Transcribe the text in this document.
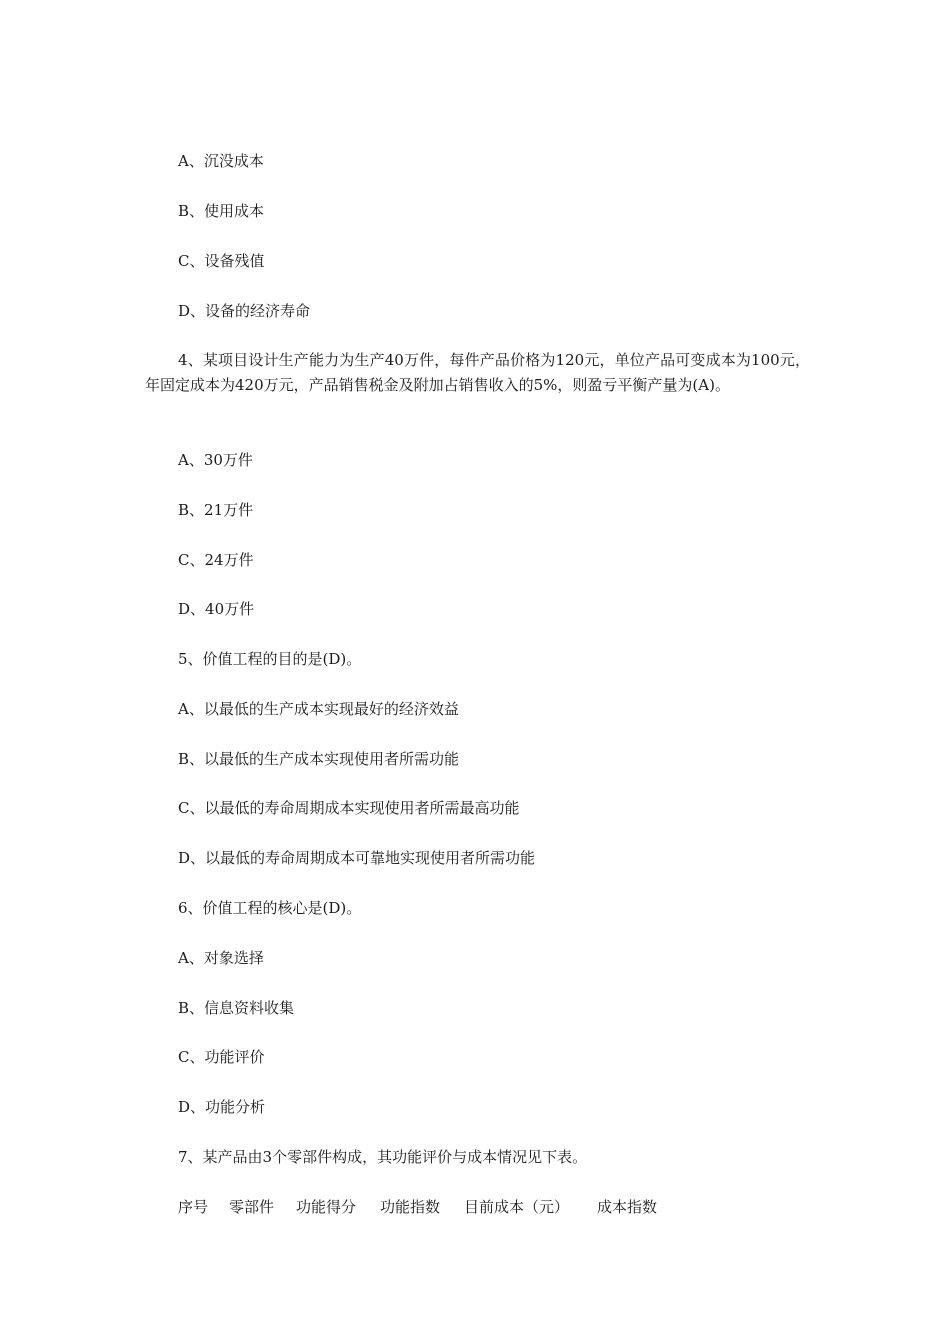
A、沉没成本
B、使用成本
C、设备残值
D、设备的经济寿命
4、某项目设计生产能力为生产40万件，每件产品价格为120元，单位产品可变成本为100元，年固定成本为420万元，产品销售税金及附加占销售收入的5%，则盈亏平衡产量为(A)。
A、30万件
B、21万件
C、24万件
D、40万件
5、价值工程的目的是(D)。
A、以最低的生产成本实现最好的经济效益
B、以最低的生产成本实现使用者所需功能
C、以最低的寿命周期成本实现使用者所需最高功能
D、以最低的寿命周期成本可靠地实现使用者所需功能
6、价值工程的核心是(D)。
A、对象选择
B、信息资料收集
C、功能评价
D、功能分析
7、某产品由3个零部件构成，其功能评价与成本情况见下表。
序号 零部件 功能得分 功能指数 目前成本（元） 成本指数
